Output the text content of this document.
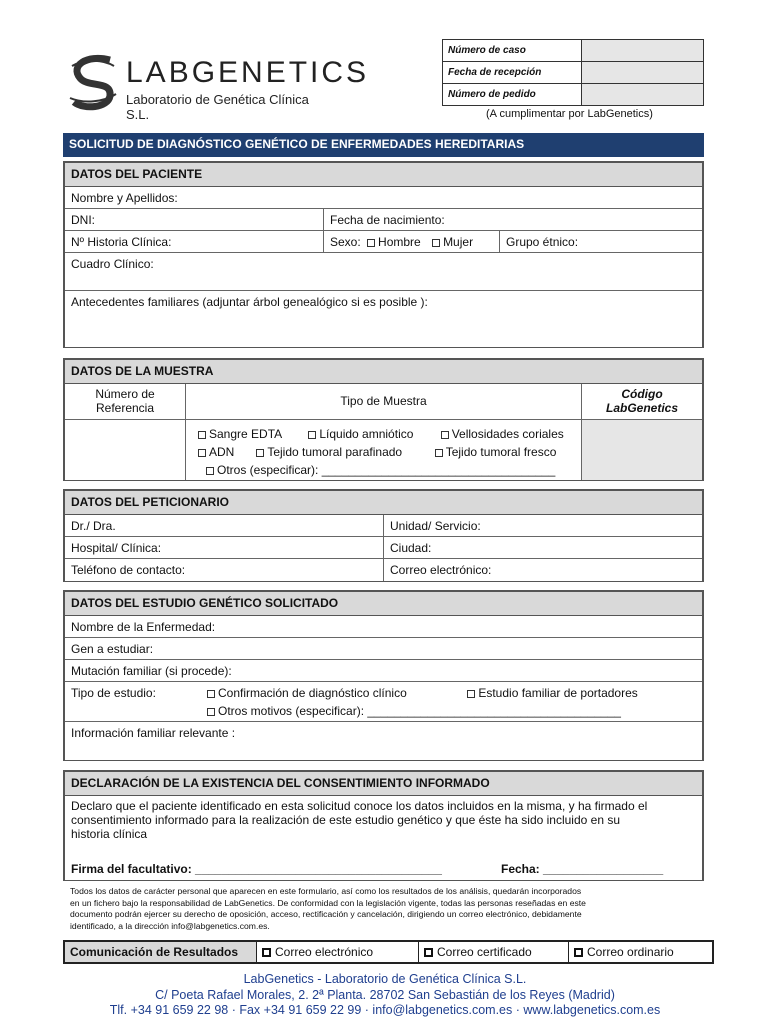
LABGENETICS
Laboratorio de Genética Clínica S.L.
Número de caso	
Fecha de recepción	
Número de pedido	
(A cumplimentar por LabGenetics)
SOLICITUD DE DIAGNÓSTICO GENÉTICO DE ENFERMEDADES HEREDITARIAS
DATOS DEL PACIENTE
Nombre y Apellidos:
DNI:	Fecha de nacimiento:
Nº Historia Clínica:	Sexo: Hombre Mujer	Grupo étnico:
Cuadro Clínico:
Antecedentes familiares (adjuntar árbol genealógico si es posible ):
DATOS DE LA MUESTRA
Número de
Referencia	Tipo de Muestra	Código
LabGenetics
Sangre EDTA	Líquido amniótico	Vellosidades coriales
ADN	Tejido tumoral parafinado	Tejido tumoral fresco
Otros (especificar): ___________________________________
DATOS DEL PETICIONARIO
Dr./ Dra.	Unidad/ Servicio:
Hospital/ Clínica:	Ciudad:
Teléfono de contacto:	Correo electrónico:
DATOS DEL ESTUDIO GENÉTICO SOLICITADO
Nombre de la Enfermedad:
Gen a estudiar:
Mutación familiar (si procede):
Tipo de estudio:	Confirmación de diagnóstico clínico	Estudio familiar de portadores
Otros motivos (especificar): ______________________________________
Información familiar relevante :
DECLARACIÓN DE LA EXISTENCIA DEL CONSENTIMIENTO INFORMADO
Declaro que el paciente identificado en esta solicitud conoce los datos incluidos en la misma, y ha firmado el
consentimiento informado para la realización de este estudio genético y que éste ha sido incluido en su
historia clínica
Firma del facultativo: _____________________________________	Fecha: __________________
Todos los datos de carácter personal que aparecen en este formulario, así como los resultados de los análisis, quedarán incorporados
en un fichero bajo la responsabilidad de LabGenetics. De conformidad con la legislación vigente, todas las personas reseñadas en este
documento podrán ejercer su derecho de oposición, acceso, rectificación y cancelación, dirigiendo un correo electrónico, debidamente
identificado, a la dirección info@labgenetics.com.es.
Comunicación de Resultados	Correo electrónico	Correo certificado	Correo ordinario
LabGenetics - Laboratorio de Genética Clínica S.L.
C/ Poeta Rafael Morales, 2. 2ª Planta. 28702 San Sebastián de los Reyes (Madrid)
Tlf. +34 91 659 22 98 · Fax +34 91 659 22 99 · info@labgenetics.com.es · www.labgenetics.com.es
